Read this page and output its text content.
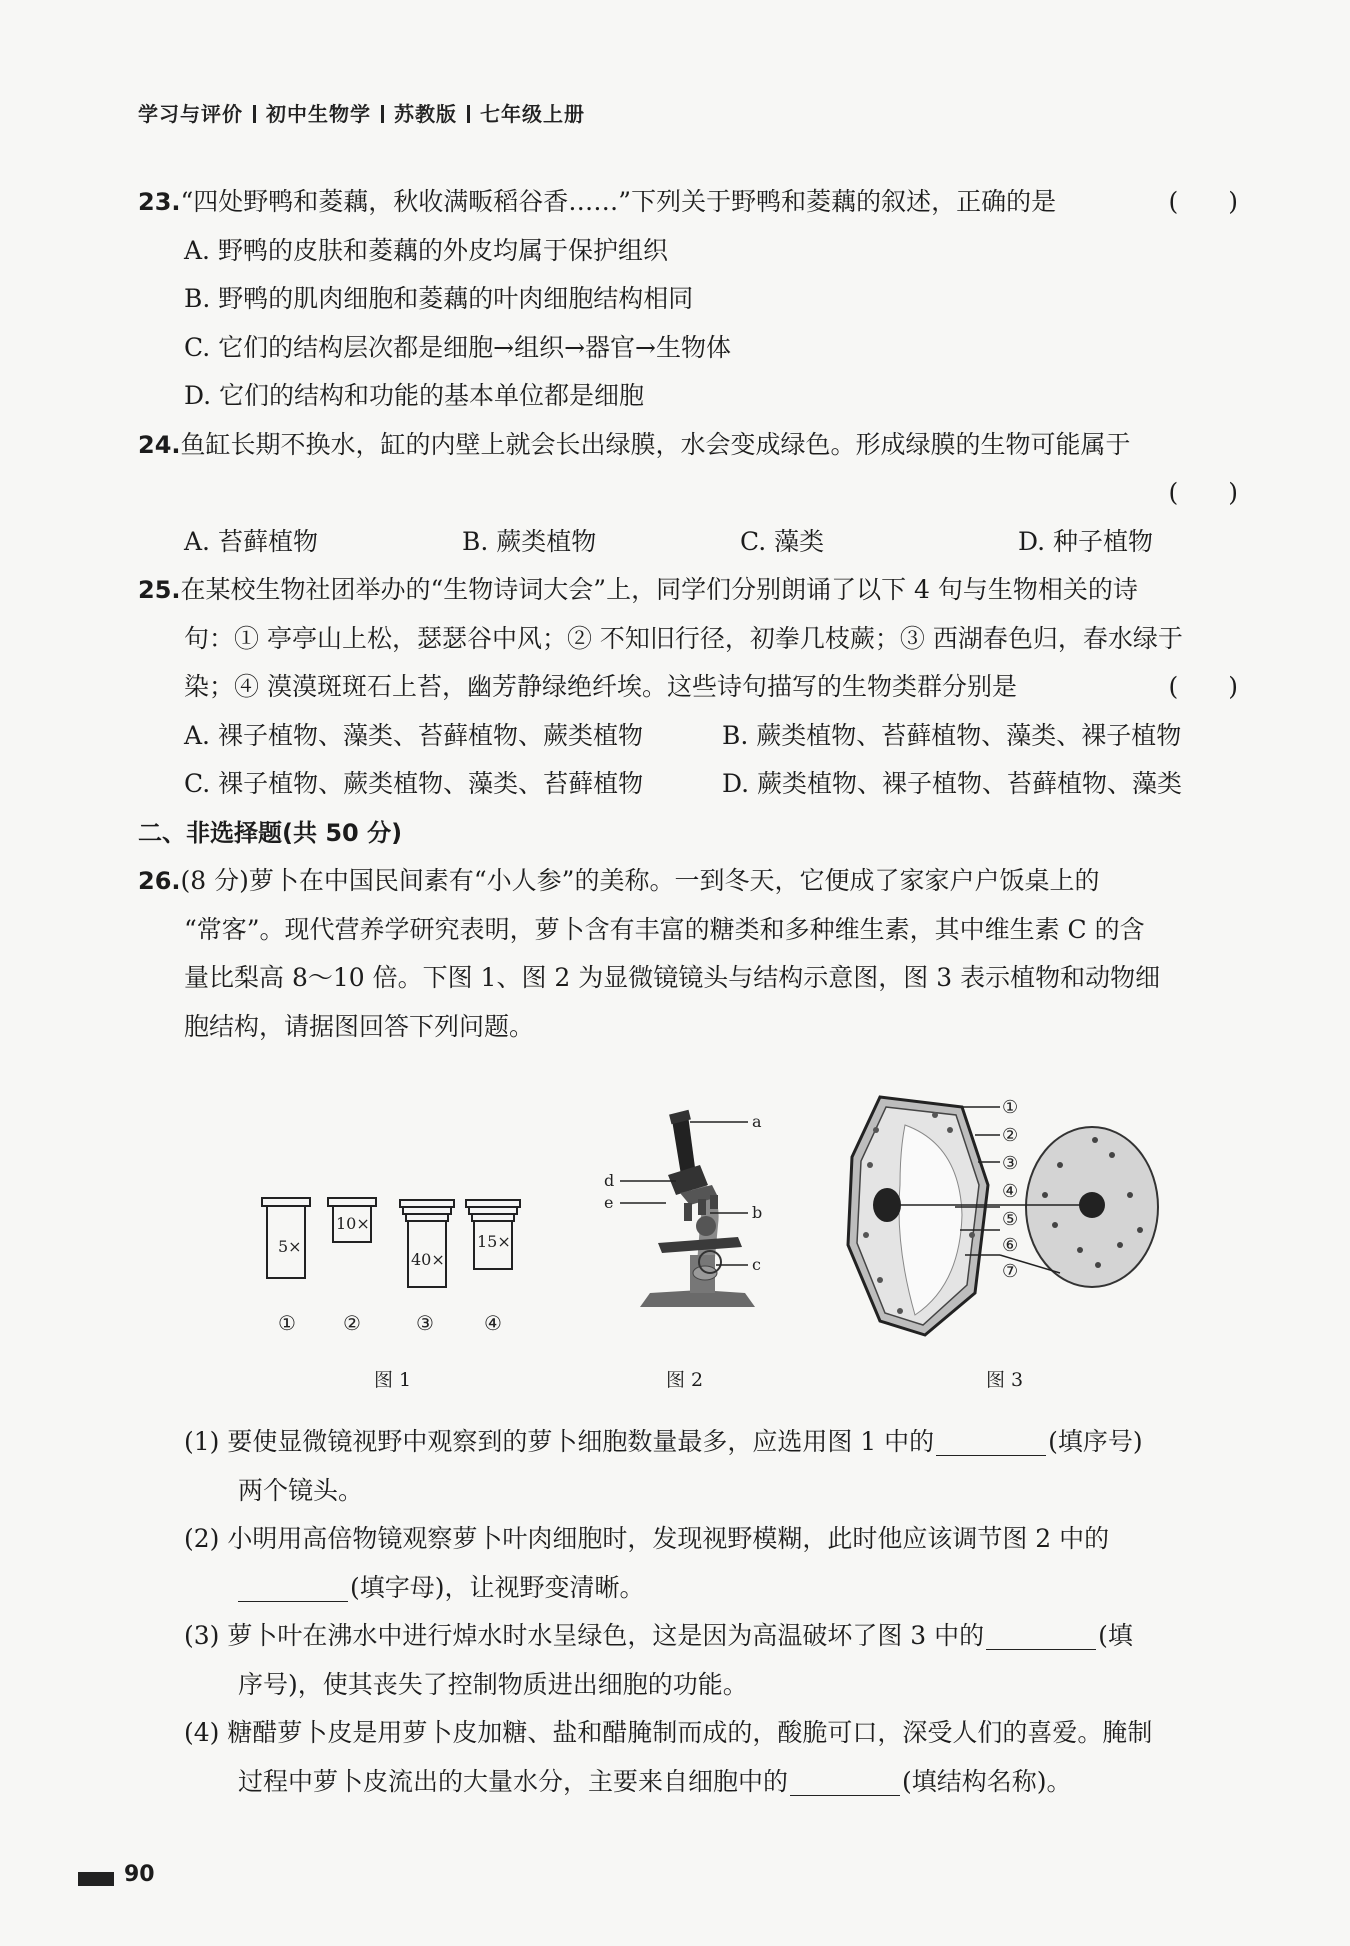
学习与评价 初中生物学 苏教版 七年级上册
23.“四处野鸭和菱藕，秋收满畈稻谷香……”下列关于野鸭和菱藕的叙述，正确的是	(　　)
A. 野鸭的皮肤和菱藕的外皮均属于保护组织
B. 野鸭的肌肉细胞和菱藕的叶肉细胞结构相同
C. 它们的结构层次都是细胞→组织→器官→生物体
D. 它们的结构和功能的基本单位都是细胞
24.鱼缸长期不换水，缸的内壁上就会长出绿膜，水会变成绿色。形成绿膜的生物可能属于
(　　)
A. 苔藓植物	B. 蕨类植物	C. 藻类	D. 种子植物
25.在某校生物社团举办的“生物诗词大会”上，同学们分别朗诵了以下 4 句与生物相关的诗
句：① 亭亭山上松，瑟瑟谷中风；② 不知旧行径，初拳几枝蕨；③ 西湖春色归，春水绿于
染；④ 漠漠斑斑石上苔，幽芳静绿绝纤埃。这些诗句描写的生物类群分别是	(　　)
A. 裸子植物、藻类、苔藓植物、蕨类植物	B. 蕨类植物、苔藓植物、藻类、裸子植物
C. 裸子植物、蕨类植物、藻类、苔藓植物	D. 蕨类植物、裸子植物、苔藓植物、藻类
二、非选择题(共 50 分)
26.(8 分)萝卜在中国民间素有“小人参”的美称。一到冬天，它便成了家家户户饭桌上的
“常客”。现代营养学研究表明，萝卜含有丰富的糖类和多种维生素，其中维生素 C 的含
量比梨高 8～10 倍。下图 1、图 2 为显微镜镜头与结构示意图，图 3 表示植物和动物细
胞结构，请据图回答下列问题。
(1) 要使显微镜视野中观察到的萝卜细胞数量最多，应选用图 1 中的	(填序号)
两个镜头。
(2) 小明用高倍物镜观察萝卜叶肉细胞时，发现视野模糊，此时他应该调节图 2 中的
(填字母)，让视野变清晰。
(3) 萝卜叶在沸水中进行焯水时水呈绿色，这是因为高温破坏了图 3 中的	(填
序号)，使其丧失了控制物质进出细胞的功能。
(4) 糖醋萝卜皮是用萝卜皮加糖、盐和醋腌制而成的，酸脆可口，深受人们的喜爱。腌制
过程中萝卜皮流出的大量水分，主要来自细胞中的	(填结构名称)。
5×
10×
40×
15×
① ②	③	④
a
b
c
d
e
①
②
③
④
⑤
⑥
⑦
图 1	图 2	图 3
90
